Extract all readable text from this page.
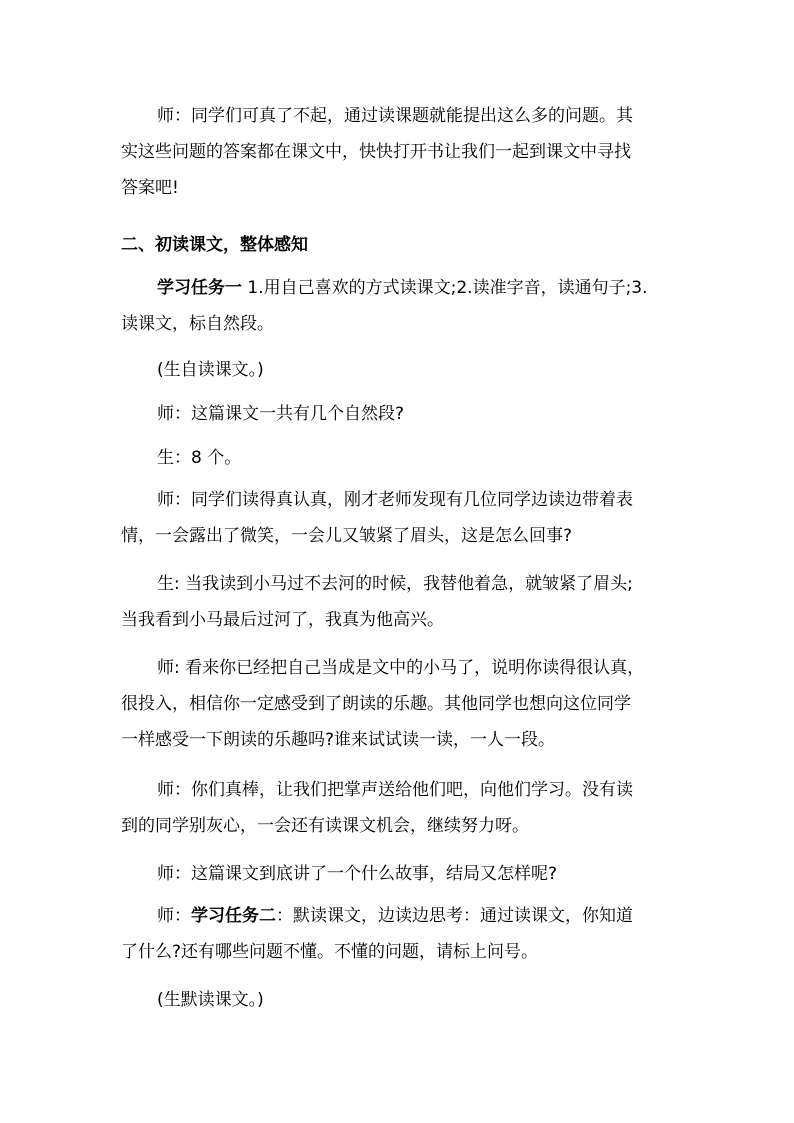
师：同学们可真了不起，通过读课题就能提出这么多的问题。其
实这些问题的答案都在课文中，快快打开书让我们一起到课文中寻找
答案吧!
二、初读课文，整体感知
学习任务一 1.用自己喜欢的方式读课文;2.读准字音，读通句子;3.
读课文，标自然段。
(生自读课文。)
师：这篇课文一共有几个自然段?
生：8 个。
师：同学们读得真认真，刚才老师发现有几位同学边读边带着表
情，一会露出了微笑，一会儿又皱紧了眉头，这是怎么回事?
生: 当我读到小马过不去河的时候，我替他着急，就皱紧了眉头;
当我看到小马最后过河了，我真为他高兴。
师: 看来你已经把自己当成是文中的小马了，说明你读得很认真，
很投入，相信你一定感受到了朗读的乐趣。其他同学也想向这位同学
一样感受一下朗读的乐趣吗?谁来试试读一读，一人一段。
师：你们真棒，让我们把掌声送给他们吧，向他们学习。没有读
到的同学别灰心，一会还有读课文机会，继续努力呀。
师：这篇课文到底讲了一个什么故事，结局又怎样呢?
师：学习任务二：默读课文，边读边思考：通过读课文，你知道
了什么?还有哪些问题不懂。不懂的问题，请标上问号。
(生默读课文。)
